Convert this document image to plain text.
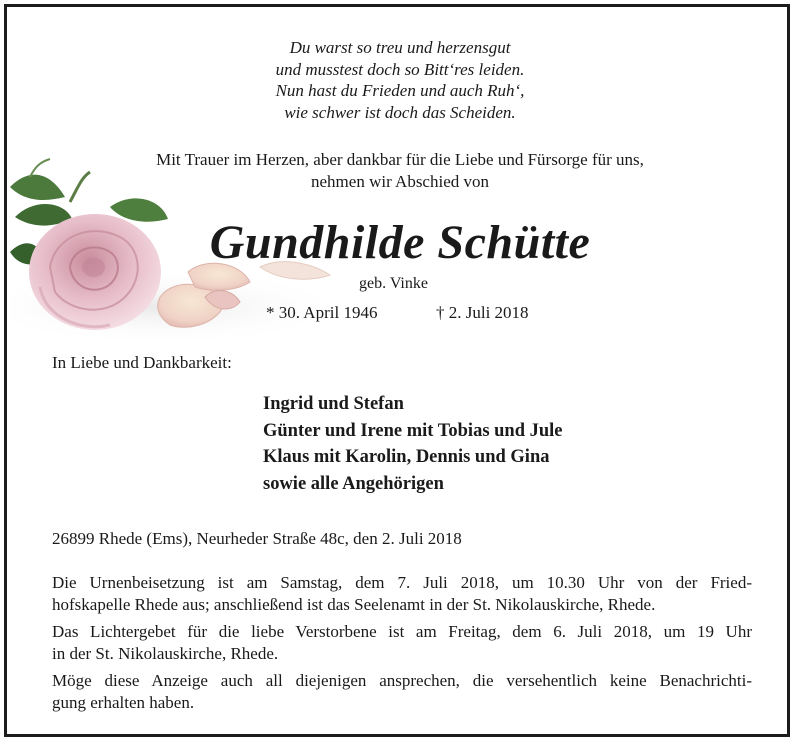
Du warst so treu und herzensgut
und musstest doch so Bitt‘res leiden.
Nun hast du Frieden und auch Ruh‘,
wie schwer ist doch das Scheiden.
Mit Trauer im Herzen, aber dankbar für die Liebe und Fürsorge für uns,
nehmen wir Abschied von
Gundhilde Schütte
geb. Vinke
* 30. April 1946	† 2. Juli 2018
In Liebe und Dankbarkeit:
Ingrid und Stefan
Günter und Irene mit Tobias und Jule
Klaus mit Karolin, Dennis und Gina
sowie alle Angehörigen
26899 Rhede (Ems), Neurheder Straße 48c, den 2. Juli 2018

Die Urnenbeisetzung ist am Samstag, dem 7. Juli 2018, um 10.30 Uhr von der Fried-
hofskapelle Rhede aus; anschließend ist das Seelenamt in der St. Nikolauskirche, Rhede.

Das Lichtergebet für die liebe Verstorbene ist am Freitag, dem 6. Juli 2018, um 19 Uhr
in der St. Nikolauskirche, Rhede.

Möge diese Anzeige auch all diejenigen ansprechen, die versehentlich keine Benachrichti-
gung erhalten haben.
